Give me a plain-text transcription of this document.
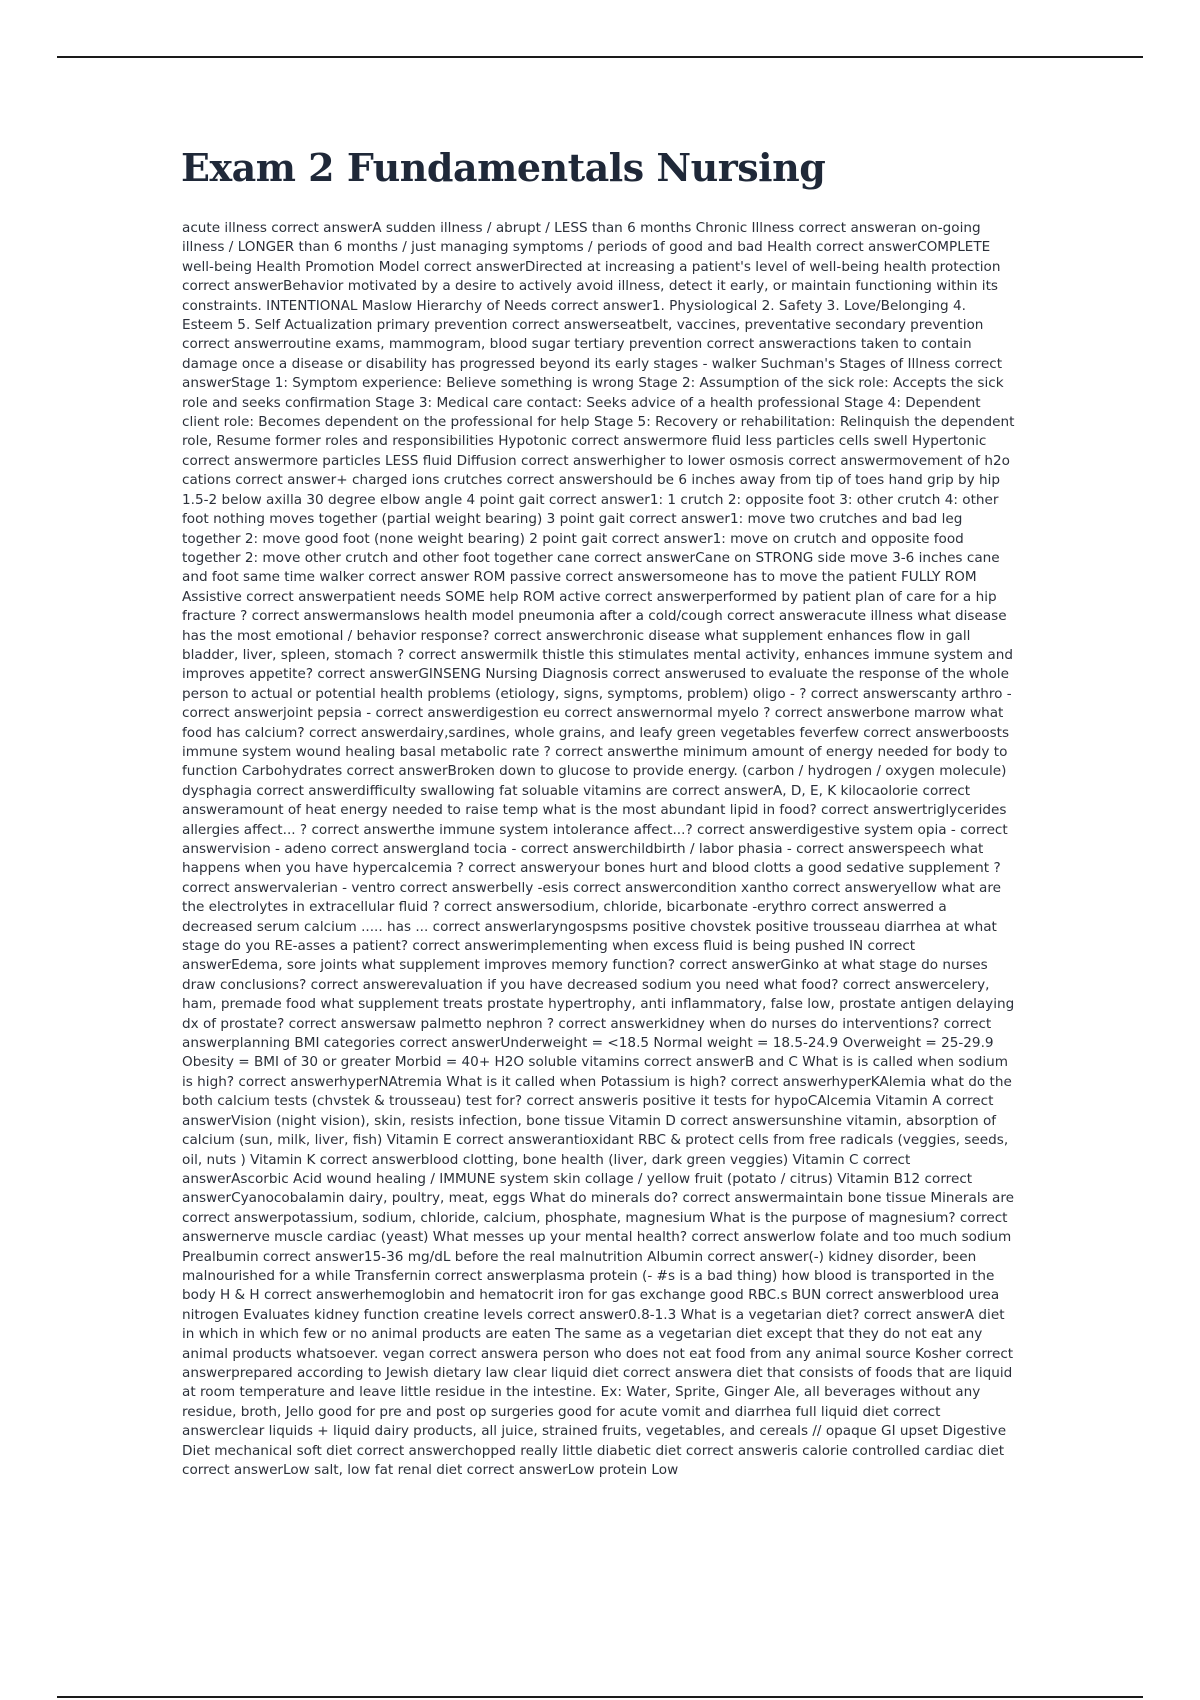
Exam 2 Fundamentals Nursing

acute illness correct answerA sudden illness / abrupt / LESS than 6 months Chronic Illness correct answeran on-going illness / LONGER than 6 months / just managing symptoms / periods of good and bad Health correct answerCOMPLETE well-being Health Promotion Model correct answerDirected at increasing a patient's level of well-being health protection correct answerBehavior motivated by a desire to actively avoid illness, detect it early, or maintain functioning within its constraints. INTENTIONAL Maslow Hierarchy of Needs correct answer1. Physiological 2. Safety 3. Love/Belonging 4. Esteem 5. Self Actualization primary prevention correct answerseatbelt, vaccines, preventative secondary prevention correct answerroutine exams, mammogram, blood sugar tertiary prevention correct answeractions taken to contain damage once a disease or disability has progressed beyond its early stages - walker Suchman's Stages of Illness correct answerStage 1: Symptom experience: Believe something is wrong Stage 2: Assumption of the sick role: Accepts the sick role and seeks confirmation Stage 3: Medical care contact: Seeks advice of a health professional Stage 4: Dependent client role: Becomes dependent on the professional for help Stage 5: Recovery or rehabilitation: Relinquish the dependent role, Resume former roles and responsibilities Hypotonic correct answermore fluid less particles cells swell Hypertonic correct answermore particles LESS fluid Diffusion correct answerhigher to lower osmosis correct answermovement of h2o cations correct answer+ charged ions crutches correct answershould be 6 inches away from tip of toes hand grip by hip 1.5-2 below axilla 30 degree elbow angle 4 point gait correct answer1: 1 crutch 2: opposite foot 3: other crutch 4: other foot nothing moves together (partial weight bearing) 3 point gait correct answer1: move two crutches and bad leg together 2: move good foot (none weight bearing) 2 point gait correct answer1: move on crutch and opposite food together 2: move other crutch and other foot together cane correct answerCane on STRONG side move 3-6 inches cane and foot same time walker correct answer ROM passive correct answersomeone has to move the patient FULLY ROM Assistive correct answerpatient needs SOME help ROM active correct answerperformed by patient plan of care for a hip fracture ? correct answermanslows health model pneumonia after a cold/cough correct answeracute illness what disease has the most emotional / behavior response? correct answerchronic disease what supplement enhances flow in gall bladder, liver, spleen, stomach ? correct answermilk thistle this stimulates mental activity, enhances immune system and improves appetite? correct answerGINSENG Nursing Diagnosis correct answerused to evaluate the response of the whole person to actual or potential health problems (etiology, signs, symptoms, problem) oligo - ? correct answerscanty arthro - correct answerjoint pepsia - correct answerdigestion eu correct answernormal myelo ? correct answerbone marrow what food has calcium? correct answerdairy,sardines, whole grains, and leafy green vegetables feverfew correct answerboosts immune system wound healing basal metabolic rate ? correct answerthe minimum amount of energy needed for body to function Carbohydrates correct answerBroken down to glucose to provide energy. (carbon / hydrogen / oxygen molecule) dysphagia correct answerdifficulty swallowing fat soluable vitamins are correct answerA, D, E, K kilocaolorie correct answeramount of heat energy needed to raise temp what is the most abundant lipid in food? correct answertriglycerides allergies affect... ? correct answerthe immune system intolerance affect...? correct answerdigestive system opia - correct answervision - adeno correct answergland tocia - correct answerchildbirth / labor phasia - correct answerspeech what happens when you have hypercalcemia ? correct answeryour bones hurt and blood clotts a good sedative supplement ? correct answervalerian - ventro correct answerbelly -esis correct answercondition xantho correct answeryellow what are the electrolytes in extracellular fluid ? correct answersodium, chloride, bicarbonate -erythro correct answerred a decreased serum calcium ..... has ... correct answerlaryngospsms positive chovstek positive trousseau diarrhea at what stage do you RE-asses a patient? correct answerimplementing when excess fluid is being pushed IN correct answerEdema, sore joints what supplement improves memory function? correct answerGinko at what stage do nurses draw conclusions? correct answerevaluation if you have decreased sodium you need what food? correct answercelery, ham, premade food what supplement treats prostate hypertrophy, anti inflammatory, false low, prostate antigen delaying dx of prostate? correct answersaw palmetto nephron ? correct answerkidney when do nurses do interventions? correct answerplanning BMI categories correct answerUnderweight = <18.5 Normal weight = 18.5-24.9 Overweight = 25-29.9 Obesity = BMI of 30 or greater Morbid = 40+ H2O soluble vitamins correct answerB and C What is is called when sodium is high? correct answerhyperNAtremia What is it called when Potassium is high? correct answerhyperKAlemia what do the both calcium tests (chvstek & trousseau) test for? correct answeris positive it tests for hypoCAlcemia Vitamin A correct answerVision (night vision), skin, resists infection, bone tissue Vitamin D correct answersunshine vitamin, absorption of calcium (sun, milk, liver, fish) Vitamin E correct answerantioxidant RBC & protect cells from free radicals (veggies, seeds, oil, nuts ) Vitamin K correct answerblood clotting, bone health (liver, dark green veggies) Vitamin C correct answerAscorbic Acid wound healing / IMMUNE system skin collage / yellow fruit (potato / citrus) Vitamin B12 correct answerCyanocobalamin dairy, poultry, meat, eggs What do minerals do? correct answermaintain bone tissue Minerals are correct answerpotassium, sodium, chloride, calcium, phosphate, magnesium What is the purpose of magnesium? correct answernerve muscle cardiac (yeast) What messes up your mental health? correct answerlow folate and too much sodium Prealbumin correct answer15-36 mg/dL before the real malnutrition Albumin correct answer(-) kidney disorder, been malnourished for a while Transfernin correct answerplasma protein (- #s is a bad thing) how blood is transported in the body H & H correct answerhemoglobin and hematocrit iron for gas exchange good RBC.s BUN correct answerblood urea nitrogen Evaluates kidney function creatine levels correct answer0.8-1.3 What is a vegetarian diet? correct answerA diet in which in which few or no animal products are eaten The same as a vegetarian diet except that they do not eat any animal products whatsoever. vegan correct answera person who does not eat food from any animal source Kosher correct answerprepared according to Jewish dietary law clear liquid diet correct answera diet that consists of foods that are liquid at room temperature and leave little residue in the intestine. Ex: Water, Sprite, Ginger Ale, all beverages without any residue, broth, Jello good for pre and post op surgeries good for acute vomit and diarrhea full liquid diet correct answerclear liquids + liquid dairy products, all juice, strained fruits, vegetables, and cereals // opaque GI upset Digestive Diet mechanical soft diet correct answerchopped really little diabetic diet correct answeris calorie controlled cardiac diet correct answerLow salt, low fat renal diet correct answerLow protein Low
